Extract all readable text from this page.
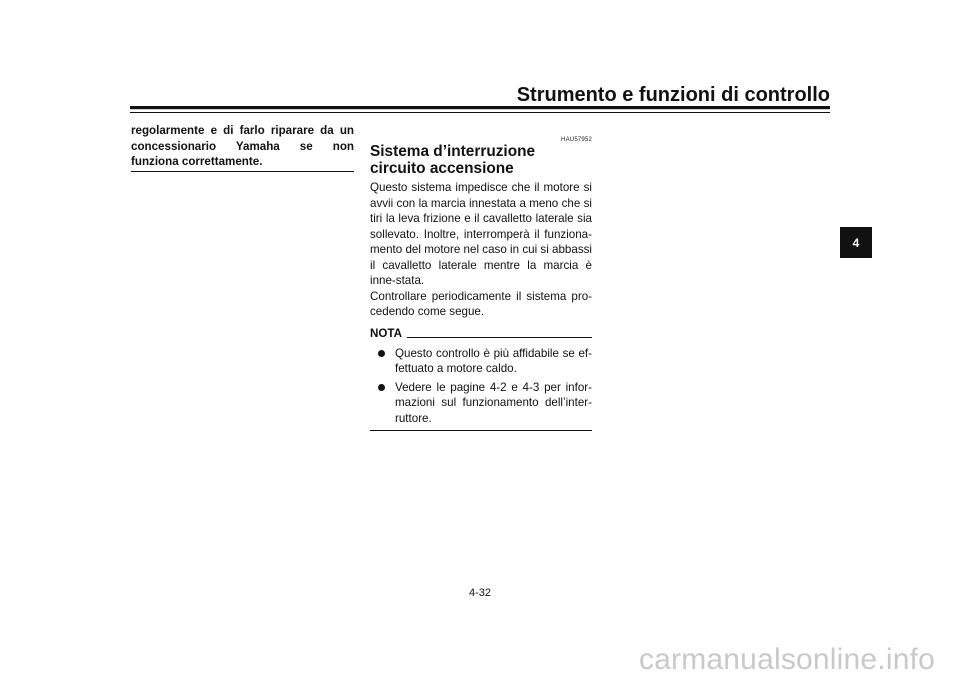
Strumento e funzioni di controllo

regolarmente e di farlo riparare da un concessionario Yamaha se non funziona correttamente.

HAU57952

Sistema d’interruzione circuito accensione

Questo sistema impedisce che il motore si avvii con la marcia innestata a meno che si tiri la leva frizione e il cavalletto laterale sia sollevato. Inoltre, interromperà il funziona-mento del motore nel caso in cui si abbassi il cavalletto laterale mentre la marcia è inne-stata.

Controllare periodicamente il sistema pro-cedendo come segue.

NOTA
Questo controllo è più affidabile se ef-fettuato a motore caldo.
Vedere le pagine 4-2 e 4-3 per infor-mazioni sul funzionamento dell’inter-ruttore.
4

4-32

carmanualsonline.info
